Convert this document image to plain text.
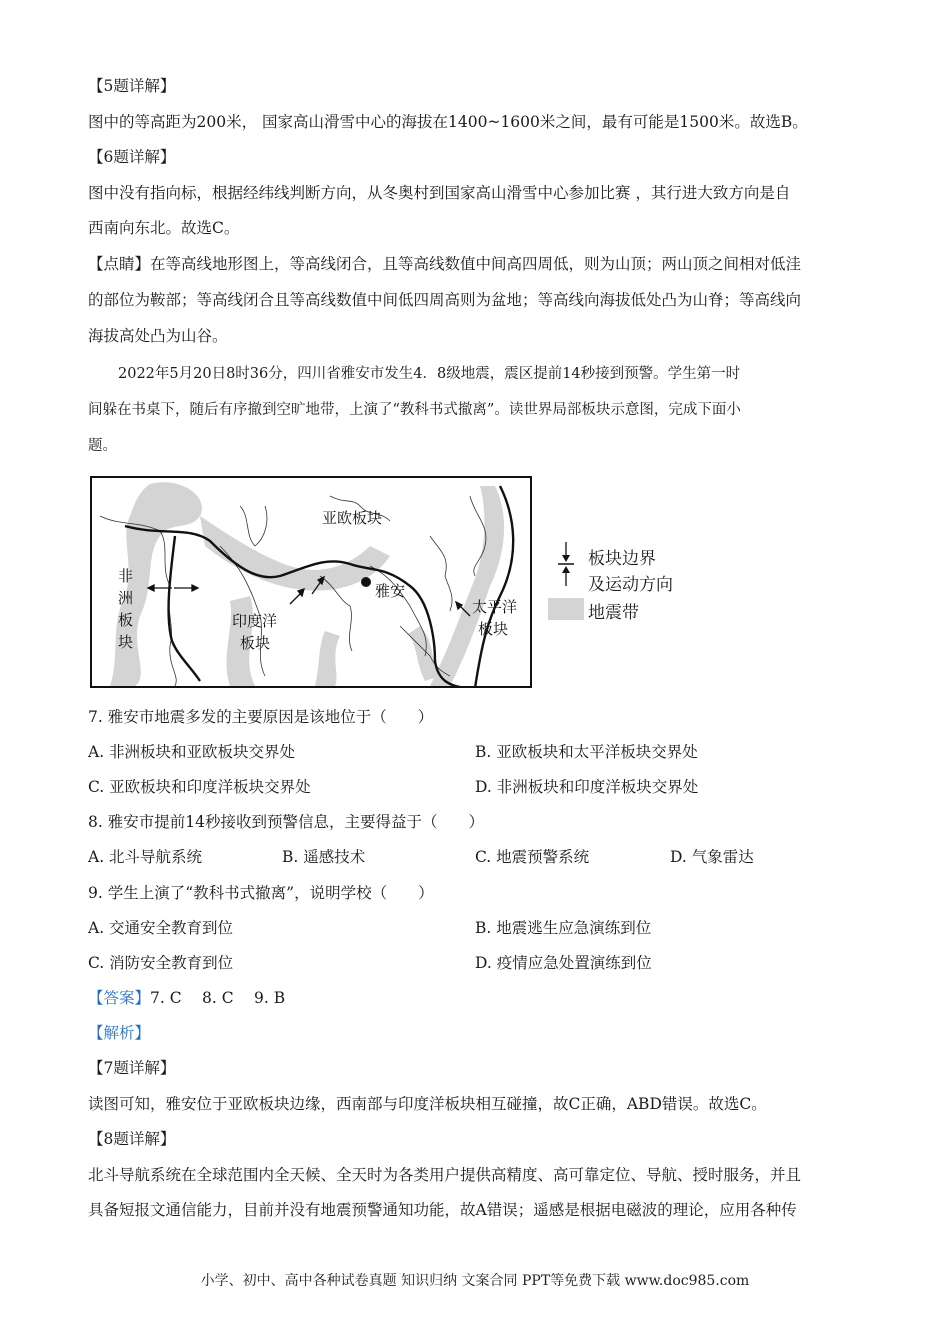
【5题详解】
图中的等高距为200米， 国家高山滑雪中心的海拔在1400~1600米之间，最有可能是1500米。故选B。
【6题详解】
图中没有指向标，根据经纬线判断方向，从冬奥村到国家高山滑雪中心参加比赛 ，其行进大致方向是自
西南向东北。故选C。
【点睛】在等高线地形图上，等高线闭合，且等高线数值中间高四周低，则为山顶；两山顶之间相对低洼
的部位为鞍部；等高线闭合且等高线数值中间低四周高则为盆地；等高线向海拔低处凸为山脊；等高线向
海拔高处凸为山谷。
2022年5月20日8时36分，四川省雅安市发生4．8级地震，震区提前14秒接到预警。学生第一时
间躲在书桌下，随后有序撤到空旷地带，上演了“教科书式撤离”。读世界局部板块示意图，完成下面小
题。
亚欧板块
非
洲
板
块
印度洋
板块
雅安
太平洋
板块
板块边界
及运动方向
地震带
7. 雅安市地震多发的主要原因是该地位于（　　）
A. 非洲板块和亚欧板块交界处	B. 亚欧板块和太平洋板块交界处
C. 亚欧板块和印度洋板块交界处	D. 非洲板块和印度洋板块交界处
8. 雅安市提前14秒接收到预警信息，主要得益于（　　）
A. 北斗导航系统	B. 遥感技术	C. 地震预警系统	D. 气象雷达
9. 学生上演了“教科书式撤离”，说明学校（　　）
A. 交通安全教育到位	B. 地震逃生应急演练到位
C. 消防安全教育到位	D. 疫情应急处置演练到位
【答案】7. C　 8. C　 9. B
【解析】
【7题详解】
读图可知，雅安位于亚欧板块边缘，西南部与印度洋板块相互碰撞，故C正确，ABD错误。故选C。
【8题详解】
北斗导航系统在全球范围内全天候、全天时为各类用户提供高精度、高可靠定位、导航、授时服务，并且
具备短报文通信能力，目前并没有地震预警通知功能，故A错误；遥感是根据电磁波的理论，应用各种传
小学、初中、高中各种试卷真题 知识归纳 文案合同 PPT等免费下载 www.doc985.com
